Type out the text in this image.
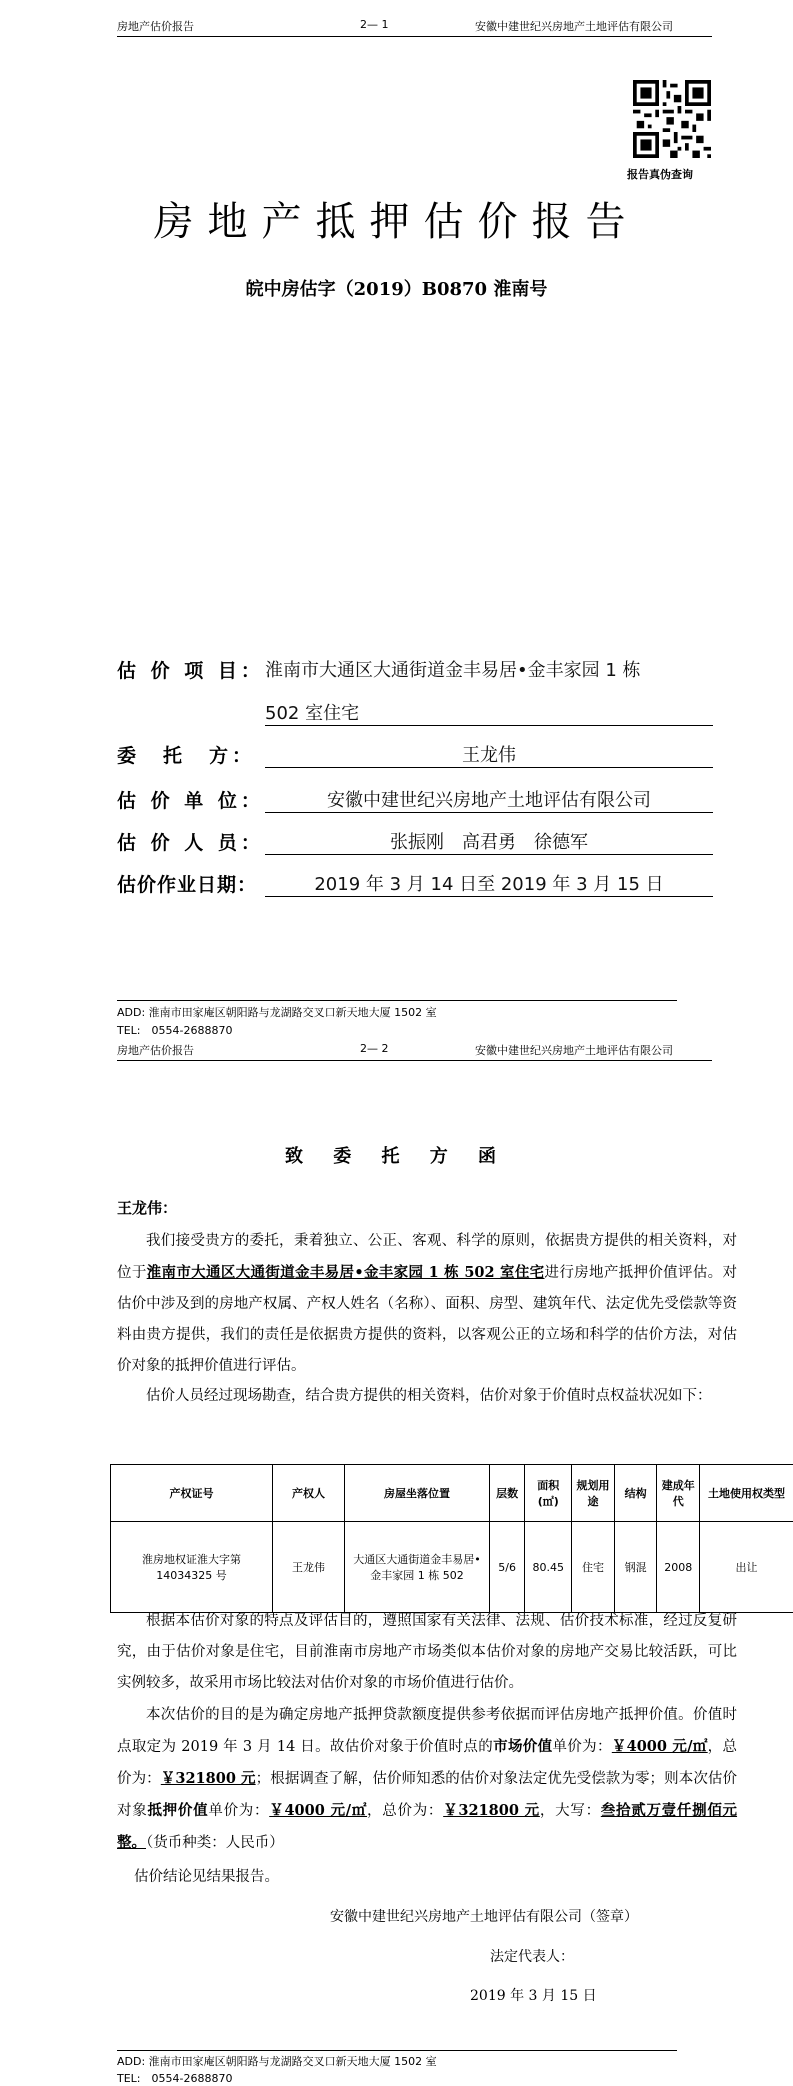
房地产估价报告	2— 1	安徽中建世纪兴房地产土地评估有限公司
报告真伪查询
房地产抵押估价报告
皖中房估字（2019）B0870 淮南号
估 价 项 目： 淮南市大通区大通街道金丰易居•金丰家园 1 栋
502 室住宅
委　托　方：	王龙伟
估 价 单 位：	安徽中建世纪兴房地产土地评估有限公司
估 价 人 员：	张振刚　高君勇　徐德军
估价作业日期：	2019 年 3 月 14 日至 2019 年 3 月 15 日
ADD: 淮南市田家庵区朝阳路与龙湖路交叉口新天地大厦 1502 室
TEL:　0554-2688870
房地产估价报告	2— 2	安徽中建世纪兴房地产土地评估有限公司
致 委 托 方 函
王龙伟：
我们接受贵方的委托，秉着独立、公正、客观、科学的原则，依据贵方提供的相关资料，对位于淮南市大通区大通街道金丰易居•金丰家园 1 栋 502 室住宅进行房地产抵押价值评估。对估价中涉及到的房地产权属、产权人姓名（名称）、面积、房型、建筑年代、法定优先受偿款等资料由贵方提供，我们的责任是依据贵方提供的资料，以客观公正的立场和科学的估价方法，对估价对象的抵押价值进行评估。
估价人员经过现场勘查，结合贵方提供的相关资料，估价对象于价值时点权益状况如下：
产权证号	产权人	房屋坐落位置	层数	面积(㎡)	规划用途	结构	建成年代	土地使用权类型
淮房地权证淮大字第 14034325 号	王龙伟	大通区大通街道金丰易居•金丰家园 1 栋 502	5/6	80.45	住宅	钢混	2008	出让
根据本估价对象的特点及评估目的，遵照国家有关法律、法规、估价技术标准，经过反复研究，由于估价对象是住宅，目前淮南市房地产市场类似本估价对象的房地产交易比较活跃，可比实例较多，故采用市场比较法对估价对象的市场价值进行估价。
本次估价的目的是为确定房地产抵押贷款额度提供参考依据而评估房地产抵押价值。价值时点取定为 2019 年 3 月 14 日。故估价对象于价值时点的市场价值单价为：￥4000 元/㎡，总价为：￥321800 元；根据调查了解，估价师知悉的估价对象法定优先受偿款为零；则本次估价对象抵押价值单价为：￥4000 元/㎡，总价为：￥321800 元，大写：叁拾贰万壹仟捌佰元整。（货币种类：人民币）
估价结论见结果报告。
安徽中建世纪兴房地产土地评估有限公司（签章）
法定代表人：
2019 年 3 月 15 日
ADD: 淮南市田家庵区朝阳路与龙湖路交叉口新天地大厦 1502 室
TEL:　0554-2688870
